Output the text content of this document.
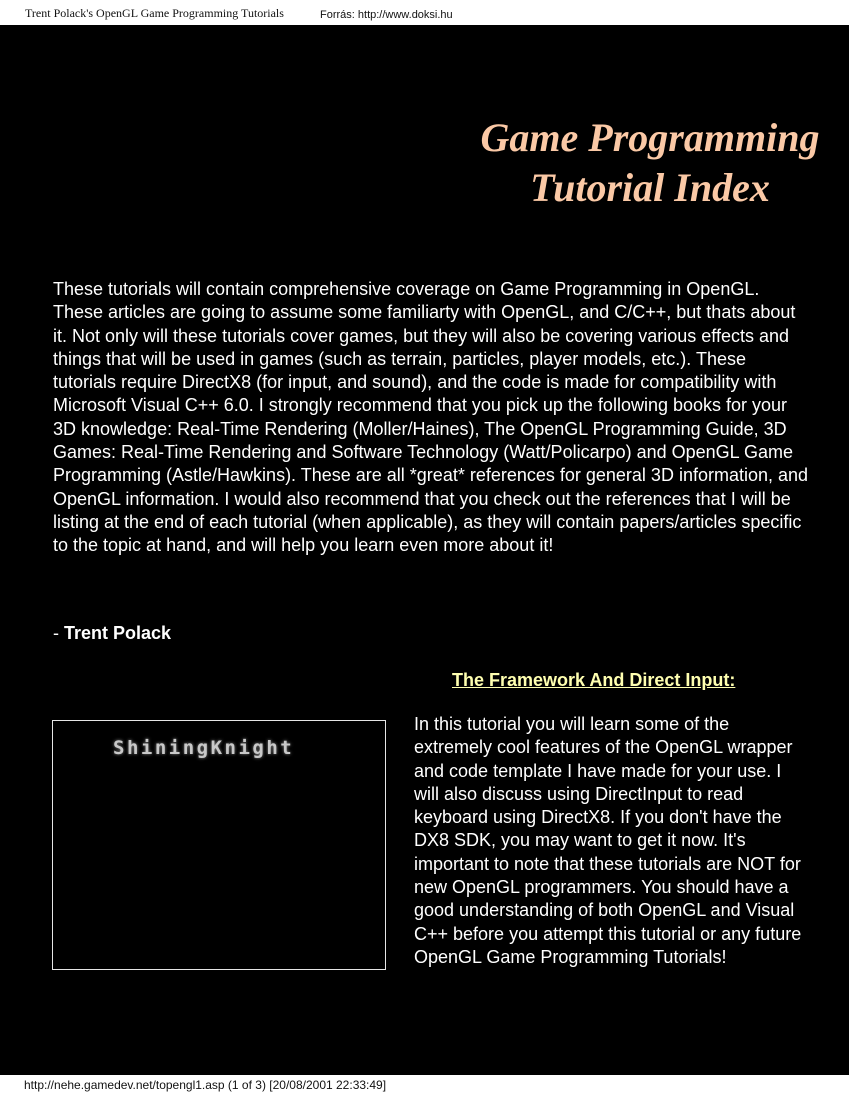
Trent Polack's OpenGL Game Programming Tutorials	Forrás: http://www.doksi.hu
Game Programming
Tutorial Index

These tutorials will contain comprehensive coverage on Game Programming in OpenGL. These articles are going to assume some familiarty with OpenGL, and C/C++, but thats about it. Not only will these tutorials cover games, but they will also be covering various effects and things that will be used in games (such as terrain, particles, player models, etc.). These tutorials require DirectX8 (for input, and sound), and the code is made for compatibility with Microsoft Visual C++ 6.0. I strongly recommend that you pick up the following books for your 3D knowledge: Real-Time Rendering (Moller/Haines), The OpenGL Programming Guide, 3D Games: Real-Time Rendering and Software Technology (Watt/Policarpo) and OpenGL Game Programming (Astle/Hawkins). These are all *great* references for general 3D information, and OpenGL information. I would also recommend that you check out the references that I will be listing at the end of each tutorial (when applicable), as they will contain papers/articles specific to the topic at hand, and will help you learn even more about it!

- Trent Polack
The Framework And Direct Input:
ShiningKnight

In this tutorial you will learn some of the extremely cool features of the OpenGL wrapper and code template I have made for your use. I will also discuss using DirectInput to read keyboard using DirectX8. If you don't have the DX8 SDK, you may want to get it now. It's important to note that these tutorials are NOT for new OpenGL programmers. You should have a good understanding of both OpenGL and Visual C++ before you attempt this tutorial or any future OpenGL Game Programming Tutorials!

http://nehe.gamedev.net/topengl1.asp (1 of 3) [20/08/2001 22:33:49]
